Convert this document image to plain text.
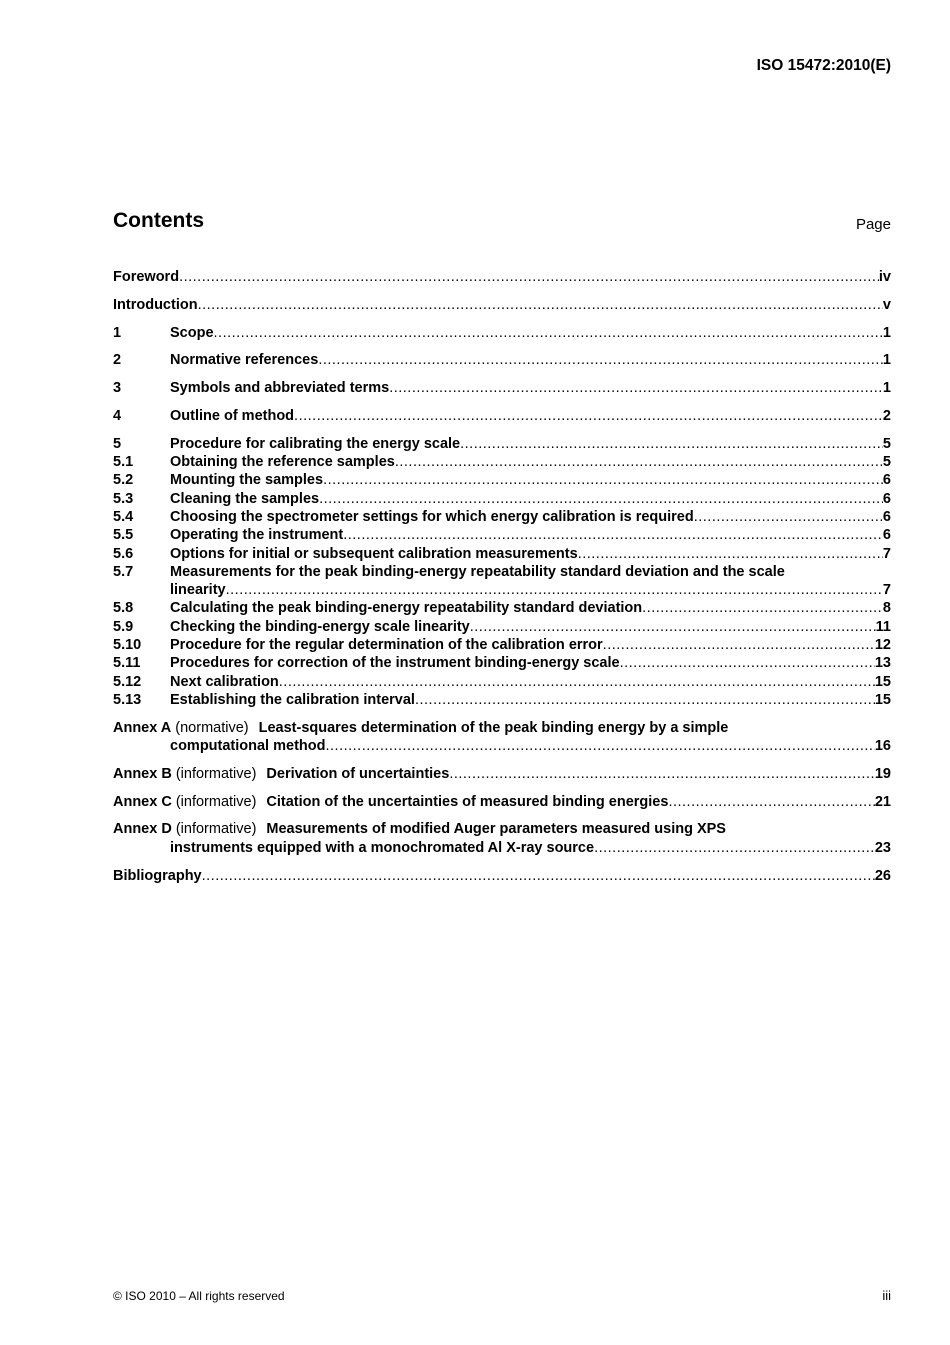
ISO 15472:2010(E)
Contents	Page
Foreword .....	iv
Introduction .....	v
1	Scope .....	1
2	Normative references .....	1
3	Symbols and abbreviated terms .....	1
4	Outline of method .....	2
5	Procedure for calibrating the energy scale .....	5
5.1	Obtaining the reference samples .....	5
5.2	Mounting the samples .....	6
5.3	Cleaning the samples .....	6
5.4	Choosing the spectrometer settings for which energy calibration is required .....	6
5.5	Operating the instrument .....	6
5.6	Options for initial or subsequent calibration measurements .....	7
5.7	Measurements for the peak binding-energy repeatability standard deviation and the scale
linearity .....	7
5.8	Calculating the peak binding-energy repeatability standard deviation .....	8
5.9	Checking the binding-energy scale linearity .....	11
5.10	Procedure for the regular determination of the calibration error .....	12
5.11	Procedures for correction of the instrument binding-energy scale .....	13
5.12	Next calibration .....	15
5.13	Establishing the calibration interval .....	15
Annex A (normative) Least-squares determination of the peak binding energy by a simple
computational method .....	16
Annex B (informative) Derivation of uncertainties .....	19
Annex C (informative) Citation of the uncertainties of measured binding energies .....	21
Annex D (informative) Measurements of modified Auger parameters measured using XPS
instruments equipped with a monochromated Al X-ray source .....	23
Bibliography .....	26
© ISO 2010 – All rights reserved	iii
